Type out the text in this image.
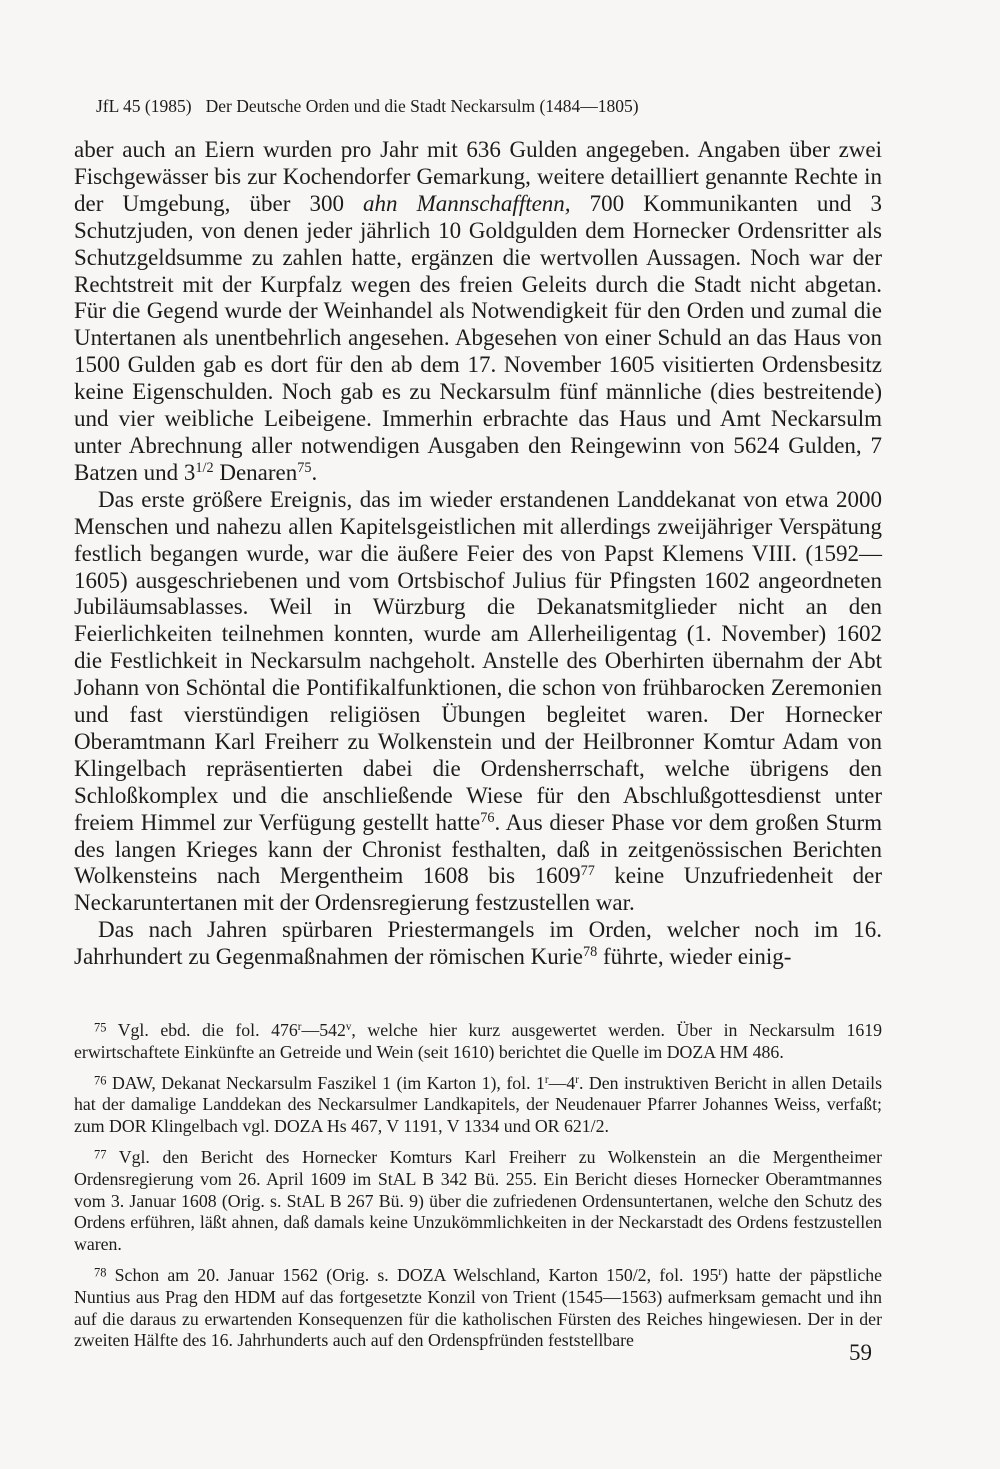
JfL 45 (1985) Der Deutsche Orden und die Stadt Neckarsulm (1484—1805)

aber auch an Eiern wurden pro Jahr mit 636 Gulden angegeben. Angaben über zwei Fischgewässer bis zur Kochendorfer Gemarkung, weitere detailliert genannte Rechte in der Umgebung, über 300 ahn Mannschafftenn, 700 Kommunikanten und 3 Schutzjuden, von denen jeder jährlich 10 Goldgulden dem Hornecker Ordensritter als Schutzgeldsumme zu zahlen hatte, ergänzen die wertvollen Aussagen. Noch war der Rechtstreit mit der Kurpfalz wegen des freien Geleits durch die Stadt nicht abgetan. Für die Gegend wurde der Weinhandel als Notwendigkeit für den Orden und zumal die Untertanen als unentbehrlich angesehen. Abgesehen von einer Schuld an das Haus von 1500 Gulden gab es dort für den ab dem 17. November 1605 visitierten Ordensbesitz keine Eigenschulden. Noch gab es zu Neckarsulm fünf männliche (dies bestreitende) und vier weibliche Leibeigene. Immerhin erbrachte das Haus und Amt Neckarsulm unter Abrechnung aller notwendigen Ausgaben den Reingewinn von 5624 Gulden, 7 Batzen und $3^{1/2}$ Denaren$^{75}$.

Das erste größere Ereignis, das im wieder erstandenen Landdekanat von etwa 2000 Menschen und nahezu allen Kapitelsgeistlichen mit allerdings zweijähriger Verspätung festlich begangen wurde, war die äußere Feier des von Papst Klemens VIII. (1592—1605) ausgeschriebenen und vom Ortsbischof Julius für Pfingsten 1602 angeordneten Jubiläumsablasses. Weil in Würzburg die Dekanatsmitglieder nicht an den Feierlichkeiten teilnehmen konnten, wurde am Allerheiligentag (1. November) 1602 die Festlichkeit in Neckarsulm nachgeholt. Anstelle des Oberhirten übernahm der Abt Johann von Schöntal die Pontifikalfunktionen, die schon von frühbarocken Zeremonien und fast vierstündigen religiösen Übungen begleitet waren. Der Hornecker Oberamtmann Karl Freiherr zu Wolkenstein und der Heilbronner Komtur Adam von Klingelbach repräsentierten dabei die Ordensherrschaft, welche übrigens den Schloßkomplex und die anschließende Wiese für den Abschlußgottesdienst unter freiem Himmel zur Verfügung gestellt hatte$^{76}$. Aus dieser Phase vor dem großen Sturm des langen Krieges kann der Chronist festhalten, daß in zeitgenössischen Berichten Wolkensteins nach Mergentheim 1608 bis 1609$^{77}$ keine Unzufriedenheit der Neckaruntertanen mit der Ordensregierung festzustellen war.

Das nach Jahren spürbaren Priestermangels im Orden, welcher noch im 16. Jahrhundert zu Gegenmaßnahmen der römischen Kurie$^{78}$ führte, wieder einig-

$^{75}$ Vgl. ebd. die fol. 476$^r$—542$^v$, welche hier kurz ausgewertet werden. Über in Neckarsulm 1619 erwirtschaftete Einkünfte an Getreide und Wein (seit 1610) berichtet die Quelle im DOZA HM 486.

$^{76}$ DAW, Dekanat Neckarsulm Faszikel 1 (im Karton 1), fol. 1$^r$—4$^r$. Den instruktiven Bericht in allen Details hat der damalige Landdekan des Neckarsulmer Landkapitels, der Neudenauer Pfarrer Johannes Weiss, verfaßt; zum DOR Klingelbach vgl. DOZA Hs 467, V 1191, V 1334 und OR 621/2.

$^{77}$ Vgl. den Bericht des Hornecker Komturs Karl Freiherr zu Wolkenstein an die Mergentheimer Ordensregierung vom 26. April 1609 im StAL B 342 Bü. 255. Ein Bericht dieses Hornecker Oberamtmannes vom 3. Januar 1608 (Orig. s. StAL B 267 Bü. 9) über die zufriedenen Ordensuntertanen, welche den Schutz des Ordens erführen, läßt ahnen, daß damals keine Unzukömmlichkeiten in der Neckarstadt des Ordens festzustellen waren.

$^{78}$ Schon am 20. Januar 1562 (Orig. s. DOZA Welschland, Karton 150/2, fol. 195$^r$) hatte der päpstliche Nuntius aus Prag den HDM auf das fortgesetzte Konzil von Trient (1545—1563) aufmerksam gemacht und ihn auf die daraus zu erwartenden Konsequenzen für die katholischen Fürsten des Reiches hingewiesen. Der in der zweiten Hälfte des 16. Jahrhunderts auch auf den Ordenspfründen feststellbare	59
